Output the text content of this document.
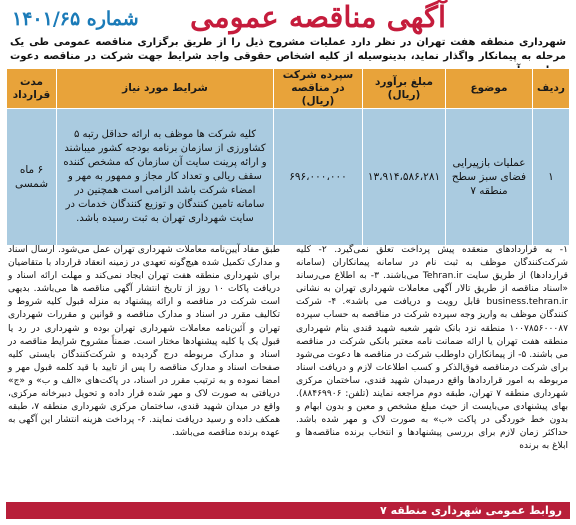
آگهی مناقصه عمومی
شماره ۱۴۰۱/۶۵
شهرداری منطقه هفت تهران در نظر دارد عملیات مشروح ذیل را از طریق برگزاری مناقصه عمومی طی یک مرحله به پیمانکار واگذار نماید، بدینوسیله از کلیه اشخاص حقوقی واجد شرایط جهت شرکت در مناقصه دعوت
ردیف	موضوع	مبلغ برآورد (ریال)	سپرده شرکت در مناقصه (ریال)	شرایط مورد نیاز	مدت قرارداد
۱	عملیات بازپیرایی فضای سبز سطح منطقه ۷	۱۳،۹۱۴،۵۸۶،۲۸۱	۶۹۶،۰۰۰،۰۰۰	کلیه شرکت ها موظف به ارائه حداقل رتبه ۵ کشاورزی از سازمان برنامه بودجه کشور میباشند و ارائه پرینت سایت آن سازمان که مشخص کننده سقف ریالی و تعداد کار مجاز و ممهور به مهر و امضاء شرکت باشد الزامی است همچنین در سامانه تامین کنندگان و توزیع کنندگان خدمات در سایت شهرداری تهران به ثبت رسیده باشد.	۶ ماه شمسی

۱- به قراردادهای منعقده پیش پرداخت تعلق نمی‌گیرد. ۲- کلیه شرکت‌کنندگان موظف به ثبت نام در سامانه پیمانکاران (سامانه قراردادها) از طریق سایت Tehran.ir می‌باشند. ۳- به اطلاع می‌رساند «اسناد مناقصه از طریق تالار آگهی معاملات شهرداری تهران به نشانی business.tehran.ir قابل رویت و دریافت می باشد». ۴- شرکت کنندگان موظف به واریز وجه سپرده شرکت در مناقصه به حساب سپرده ۱۰۰۷۸۵۶۰۰۰۸۷ منطقه نزد بانک شهر شعبه شهید قندی بنام شهرداری منطقه هفت تهران یا ارائه ضمانت نامه معتبر بانکی شرکت در مناقصه می باشند. ۵- از پیمانکاران داوطلب شرکت در مناقصه ها دعوت می‌شود برای شرکت درمناقصه فوق‌الذکر و کسب اطلاعات لازم و دریافت اسناد مربوطه به امور قراردادها واقع درمیدان شهید قندی، ساختمان مرکزی شهرداری منطقه ۷ تهران، طبقه دوم مراجعه نمایند (تلفن: ۸۸۴۶۹۹۰۶). بهای پیشنهادی می‌بایست از حیث مبلغ مشخص و معین و بدون ابهام و بدون خط خوردگی در پاکت «ب» به صورت لاک و مهر شده باشد. حداکثر زمان لازم برای بررسی پیشنهادها و انتخاب برنده مناقصه‌ها و ابلاغ به برنده

طبق مفاد آیین‌نامه معاملات شهرداری تهران عمل می‌شود. ارسال اسناد و مدارک تکمیل شده هیچ‌گونه تعهدی در زمینه انعقاد قرارداد با متقاضیان برای شهرداری منطقه هفت تهران ایجاد نمی‌کند و مهلت ارائه اسناد و دریافت پاکات ۱۰ روز از تاریخ انتشار آگهی مناقصه ها می‌باشد. بدیهی است شرکت در مناقصه و ارائه پیشنهاد به منزله قبول کلیه شروط و تکالیف مقرر در اسناد و مدارک مناقصه و قوانین و مقررات شهرداری تهران و آئین‌نامه معاملات شهرداری تهران بوده و شهرداری در رد یا قبول یک یا کلیه پیشنهادها مختار است. ضمناً مشروح شرایط مناقصه در اسناد و مدارک مربوطه درج گردیده و شرکت‌کنندگان بایستی کلیه صفحات اسناد و مدارک مناقصه را پس از تایید با قید کلمه قبول مهر و امضا نموده و به ترتیب مقرر در اسناد، در پاکت‌های «الف و ب» و «ج» دریافتی به صورت لاک و مهر شده قرار داده و تحویل دبیرخانه مرکزی، واقع در میدان شهید قندی، ساختمان مرکزی شهرداری منطقه ۷، طبقه همکف داده و رسید دریافت نمایند. ۶- پرداخت هزینه انتشار این آگهی به عهده برنده مناقصه می‌باشد.

روابط عمومی شهرداری منطقه ۷
